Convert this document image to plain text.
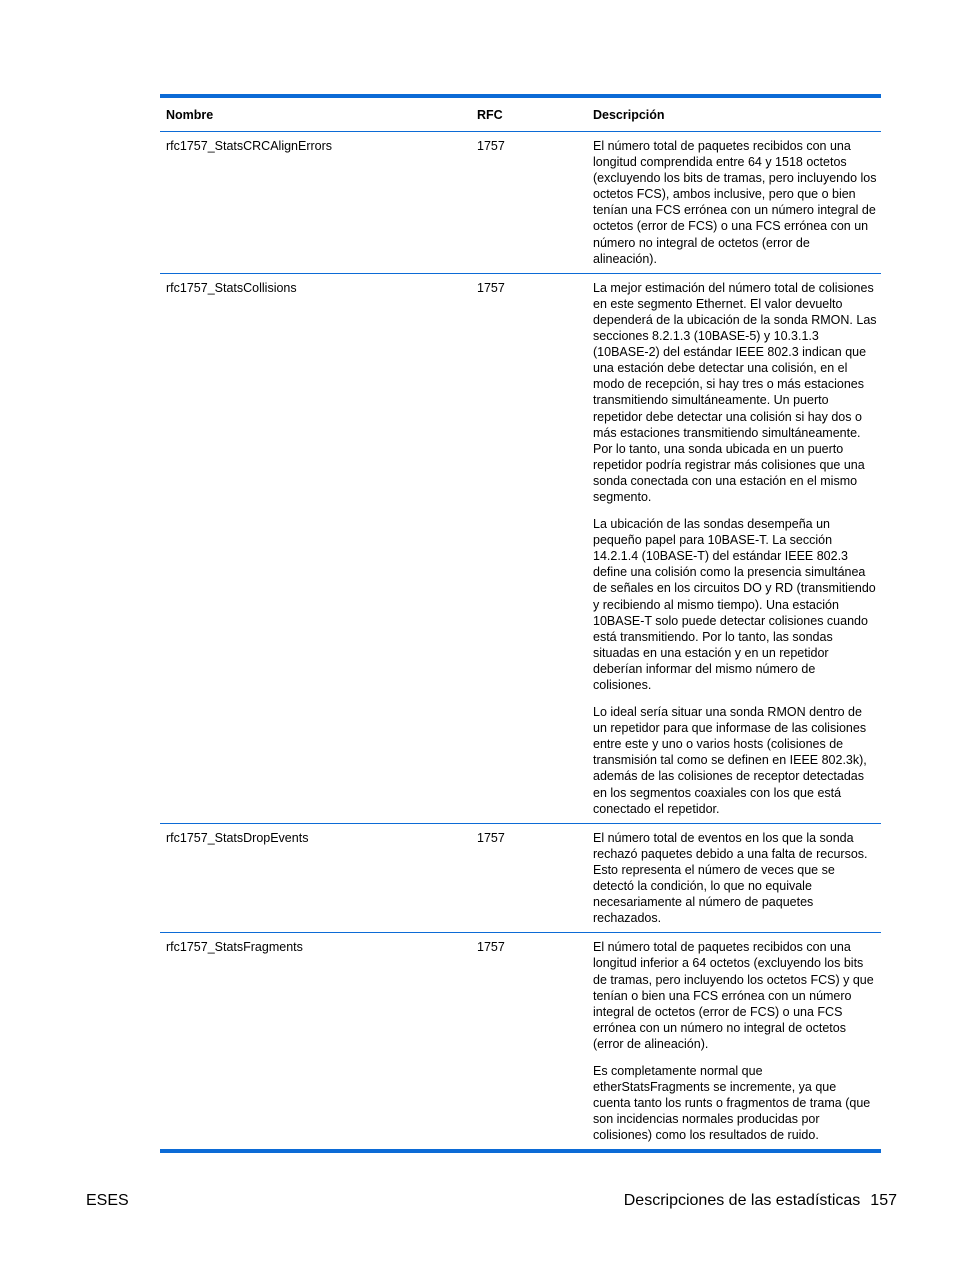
Nombre	RFC	Descripción
rfc1757_StatsCRCAlignErrors	1757	El número total de paquetes recibidos con una longitud comprendida entre 64 y 1518 octetos (excluyendo los bits de tramas, pero incluyendo los octetos FCS), ambos inclusive, pero que o bien tenían una FCS errónea con un número integral de octetos (error de FCS) o una FCS errónea con un número no integral de octetos (error de alineación).

rfc1757_StatsCollisions	1757	La mejor estimación del número total de colisiones en este segmento Ethernet. El valor devuelto dependerá de la ubicación de la sonda RMON. Las secciones 8.2.1.3 (10BASE-5) y 10.3.1.3 (10BASE-2) del estándar IEEE 802.3 indican que una estación debe detectar una colisión, en el modo de recepción, si hay tres o más estaciones transmitiendo simultáneamente. Un puerto repetidor debe detectar una colisión si hay dos o más estaciones transmitiendo simultáneamente. Por lo tanto, una sonda ubicada en un puerto repetidor podría registrar más colisiones que una sonda conectada con una estación en el mismo segmento.

La ubicación de las sondas desempeña un pequeño papel para 10BASE-T. La sección 14.2.1.4 (10BASE-T) del estándar IEEE 802.3 define una colisión como la presencia simultánea de señales en los circuitos DO y RD (transmitiendo y recibiendo al mismo tiempo). Una estación 10BASE-T solo puede detectar colisiones cuando está transmitiendo. Por lo tanto, las sondas situadas en una estación y en un repetidor deberían informar del mismo número de colisiones.

Lo ideal sería situar una sonda RMON dentro de un repetidor para que informase de las colisiones entre este y uno o varios hosts (colisiones de transmisión tal como se definen en IEEE 802.3k), además de las colisiones de receptor detectadas en los segmentos coaxiales con los que está conectado el repetidor.

rfc1757_StatsDropEvents	1757	El número total de eventos en los que la sonda rechazó paquetes debido a una falta de recursos. Esto representa el número de veces que se detectó la condición, lo que no equivale necesariamente al número de paquetes rechazados.

rfc1757_StatsFragments	1757	El número total de paquetes recibidos con una longitud inferior a 64 octetos (excluyendo los bits de tramas, pero incluyendo los octetos FCS) y que tenían o bien una FCS errónea con un número integral de octetos (error de FCS) o una FCS errónea con un número no integral de octetos (error de alineación).

Es completamente normal que etherStatsFragments se incremente, ya que cuenta tanto los runts o fragmentos de trama (que son incidencias normales producidas por colisiones) como los resultados de ruido.

ESES	Descripciones de las estadísticas 157
